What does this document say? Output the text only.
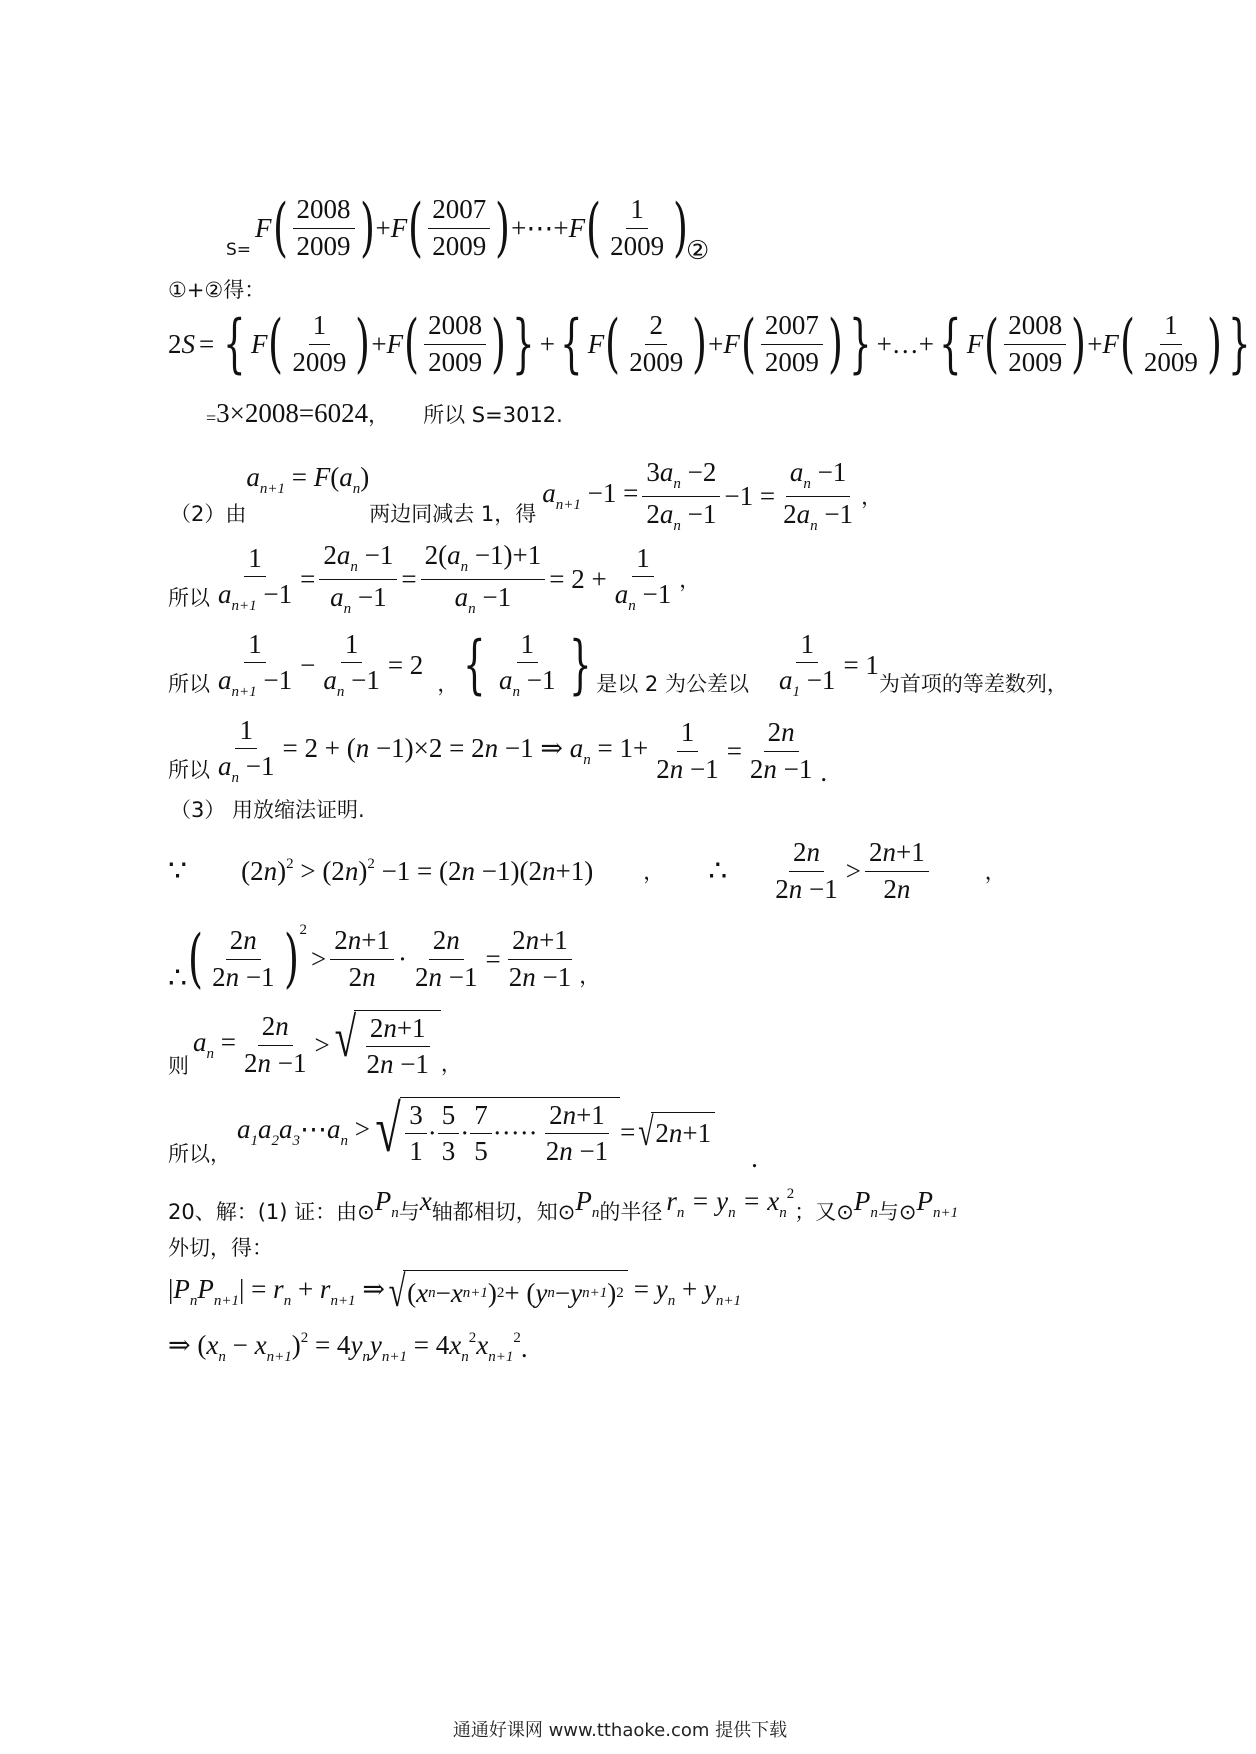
S=
F ( $\frac{2008}{2009}$ ) + F ( $\frac{2007}{2009}$ ) +⋯+ F ( $\frac{1}{2009}$ )
②
①+②得：
2 S = { F ( $\frac{1}{2009}$ ) + F ( $\frac{2008}{2009}$ ) } + { F ( $\frac{2}{2009}$ ) + F ( $\frac{2007}{2009}$ ) } +…+ { F ( $\frac{2008}{2009}$ ) + F ( $\frac{1}{2009}$ ) }
= 3×2008=6024 ， 所以 S=3012.
（2）由
$a_{n+1} = F(a_n)$
两边同减去 1，得
$a_{n+1} -1 = \frac{3a_n -2}{2a_n -1} -1 = \frac{a_n -1}{2a_n -1}$ ，
所以 $\frac{1}{a_{n+1} -1} = \frac{2a_n -1}{a_n -1} = \frac{2(a_n -1)+1}{a_n -1} = 2 + \frac{1}{a_n -1}$ ，
所以 $\frac{1}{a_{n+1} -1} - \frac{1}{a_n -1} = 2$
， { $\frac{1}{a_n -1}$ } 是以 2 为公差以 $\frac{1}{a_1 -1} = 1$
为首项的等差数列，
所以 $\frac{1}{a_n -1} = 2 + (n -1)\times 2 = 2n -1$ ⇒ $a_n = 1+ \frac{1}{2n -1} = \frac{2n}{2n -1}$ .
（3） 用放缩法证明.
∵ $(2n)^2 > (2n)^2 -1 = (2n -1)(2n+1)$ ， ∴ $\frac{2n}{2n -1} > \frac{2n+1}{2n}$	，
∴ ( $\frac{2n}{2n -1}$ ) 2
> $\frac{2n+1}{2n} \cdot \frac{2n}{2n -1} = \frac{2n+1}{2n -1}$ ，
则
$a_n = \frac{2n}{2n -1}$ > √ $\frac{2n+1}{2n -1}$ ，
所以，
$a_1a_2a_3\cdots a_n$ > √ $\frac{3}{1} \cdot \frac{5}{3} \cdot \frac{7}{5}$ ····· $\frac{2n+1}{2n -1}$ = √ 2 n +1
.
20、解：(1) 证：由⊙ $P_n$ 与 x 轴都相切，知⊙ $P_n$ 的半径 $r_n = y_n = x_n^2$
；又⊙ $P_n$ 与⊙ $P_{n+1}$
外切，得：
$|P_nP_{n+1}| = r_n + r_{n+1}$ ⇒ √ ( x n − x n+1 ) 2 + ( y n − y n+1 ) $2 = y_n + y_{n+1}$
⇒ $(x_n - x_{n+1})^2 = 4y_ny_{n+1} = 4x_n^2x_{n+1}^2$ .
通通好课网 www.tthaoke.com 提供下载
